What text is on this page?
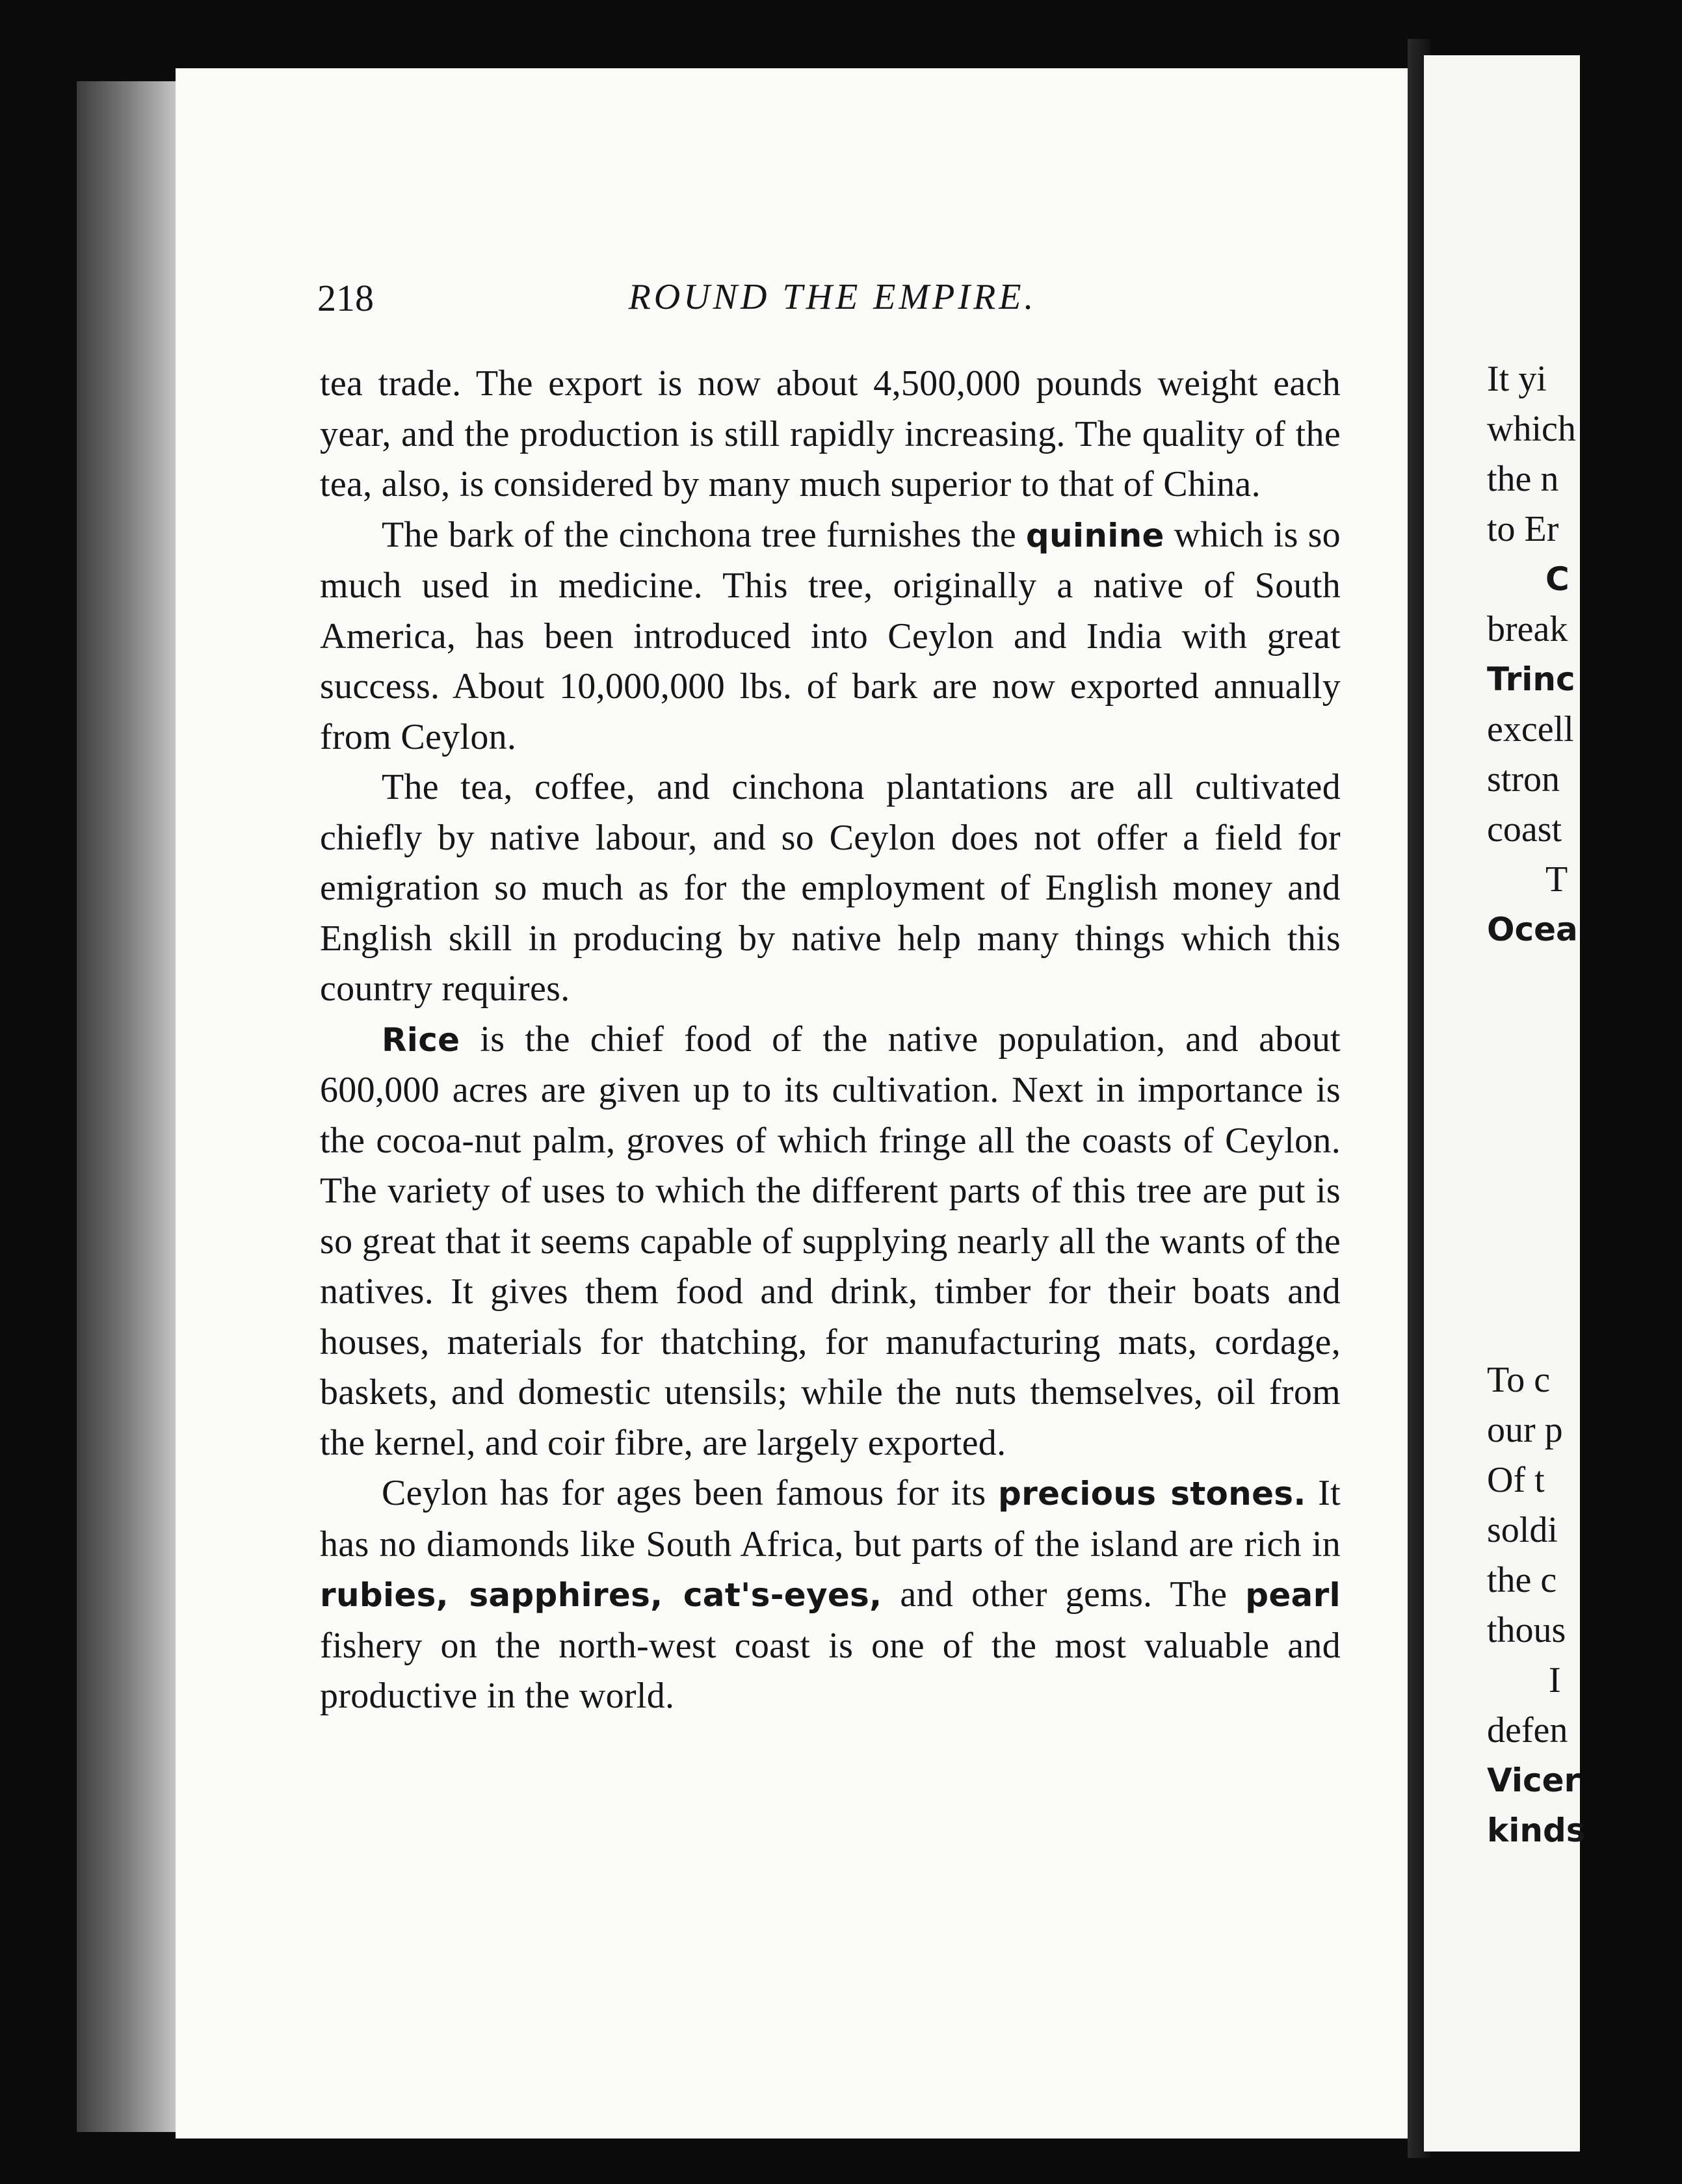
218	ROUND THE EMPIRE.

tea trade. The export is now about 4,500,000 pounds weight each year, and the production is still rapidly increasing. The quality of the tea, also, is considered by many much superior to that of China.

The bark of the cinchona tree furnishes the quinine which is so much used in medicine. This tree, originally a native of South America, has been introduced into Ceylon and India with great success. About 10,000,000 lbs. of bark are now exported annually from Ceylon.

The tea, coffee, and cinchona plantations are all cultivated chiefly by native labour, and so Ceylon does not offer a field for emigration so much as for the employment of English money and English skill in producing by native help many things which this country requires.

Rice is the chief food of the native population, and about 600,000 acres are given up to its cultivation. Next in importance is the cocoa-nut palm, groves of which fringe all the coasts of Ceylon. The variety of uses to which the different parts of this tree are put is so great that it seems capable of supplying nearly all the wants of the natives. It gives them food and drink, timber for their boats and houses, materials for thatching, for manufacturing mats, cordage, baskets, and domestic utensils; while the nuts themselves, oil from the kernel, and coir fibre, are largely exported.

Ceylon has for ages been famous for its precious stones. It has no diamonds like South Africa, but parts of the island are rich in rubies, sapphires, cat's-eyes, and other gems. The pearl fishery on the north-west coast is one of the most valuable and productive in the world.

It yi
which
the n
to Er
C
break
Trinc
excell
stron
coast
T
Ocea
To c
our p
Of t
soldi
the c
thous
I
defen
Vicer
kinds
